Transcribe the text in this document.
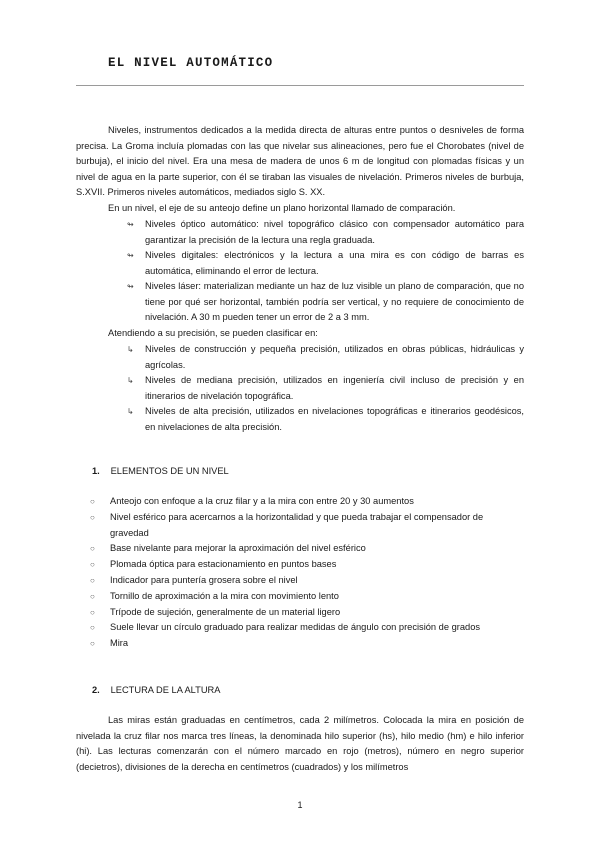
EL NIVEL AUTOMÁTICO
Niveles, instrumentos dedicados a la medida directa de alturas entre puntos o desniveles de forma precisa. La Groma incluía plomadas con las que nivelar sus alineaciones, pero fue el Chorobates (nivel de burbuja), el inicio del nivel. Era una mesa de madera de unos 6 m de longitud con plomadas físicas y un nivel de agua en la parte superior, con él se tiraban las visuales de nivelación. Primeros niveles de burbuja, S.XVII. Primeros niveles automáticos, mediados siglo S. XX.
En un nivel, el eje de su anteojo define un plano horizontal llamado de comparación.
↬ Niveles óptico automático: nivel topográfico clásico con compensador automático para garantizar la precisión de la lectura una regla graduada.
↬ Niveles digitales: electrónicos y la lectura a una mira es con código de barras es automática, eliminando el error de lectura.
↬ Niveles láser: materializan mediante un haz de luz visible un plano de comparación, que no tiene por qué ser horizontal, también podría ser vertical, y no requiere de conocimiento de nivelación. A 30 m pueden tener un error de 2 a 3 mm.
Atendiendo a su precisión, se pueden clasificar en:
↳ Niveles de construcción y pequeña precisión, utilizados en obras públicas, hidráulicas y agrícolas.
↳ Niveles de mediana precisión, utilizados en ingeniería civil incluso de precisión y en itinerarios de nivelación topográfica.
↳ Niveles de alta precisión, utilizados en nivelaciones topográficas e itinerarios geodésicos, en nivelaciones de alta precisión.
1. ELEMENTOS DE UN NIVEL
○ Anteojo con enfoque a la cruz filar y a la mira con entre 20 y 30 aumentos
○ Nivel esférico para acercarnos a la horizontalidad y que pueda trabajar el compensador de gravedad
○ Base nivelante para mejorar la aproximación del nivel esférico
○ Plomada óptica para estacionamiento en puntos bases
○ Indicador para puntería grosera sobre el nivel
○ Tornillo de aproximación a la mira con movimiento lento
○ Trípode de sujeción, generalmente de un material ligero
○ Suele llevar un círculo graduado para realizar medidas de ángulo con precisión de grados
○ Mira
2. LECTURA DE LA ALTURA
Las miras están graduadas en centímetros, cada 2 milímetros. Colocada la mira en posición de nivelada la cruz filar nos marca tres líneas, la denominada hilo superior (hs), hilo medio (hm) e hilo inferior (hi). Las lecturas comenzarán con el número marcado en rojo (metros), número en negro superior (decietros), divisiones de la derecha en centímetros (cuadrados) y los milímetros
1
